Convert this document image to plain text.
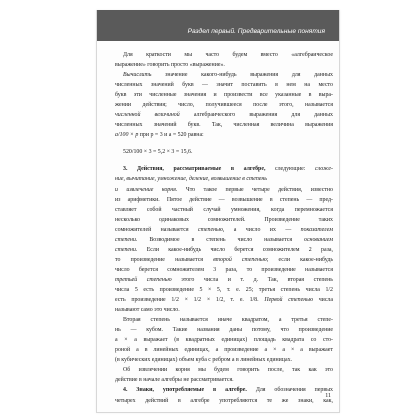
Раздел первый. Предварительные понятия
Для краткости мы часто будем вместо «алгебраическое
выражение» говорить просто «выражение».
Вычислить значение какого-нибудь выражения для данных
численных значений букв — значит поставить в нем на место
букв эти численные значения и произвести все указанные в выра-
жении действия; число, получившееся после этого, называется
численной величиной алгебраического выражения для данных
численных значений букв. Так, численная величина выражения
a/100 × p при p = 3 и a = 520 равна:
520/100 × 3 = 5,2 × 3 = 15,6.
3. Действия, рассматриваемые в алгебре, следующие: сложе-
ние, вычитание, умножение, деление, возвышение в степень
и извлечение корня. Что такое первые четыре действия, известно
из арифметики. Пятое действие — возвышение в степень — пред-
ставляет собой частный случай умножения, когда перемножается
несколько одинаковых сомножителей. Произведение таких
сомножителей называется степенью, а число их — показателем
степени. Возводимое в степень число называется основанием
степени. Если какое-нибудь число берется сомножителем 2 раза,
то произведение называется второй степенью; если какое-нибудь
число берется сомножителем 3 раза, то произведение называется
третьей степенью этого числа и т. д. Так, вторая степень
числа 5 есть произведение 5 × 5, т. е. 25; третья степень числа 1/2
есть произведение 1/2 × 1/2 × 1/2, т. е. 1/8. Первой степенью числа
называют само это число.
Вторая степень называется иначе квадратом, а третья степе-
нь — кубом. Такие названия даны потому, что произведение
a × a выражает (в квадратных единицах) площадь квадрата со сто-
роной a в линейных единицах, а произведение a × a × a выражает
(в кубических единицах) объем куба с ребром a в линейных единицах.
Об извлечении корня мы будем говорить после, так как это
действие в начале алгебры не рассматривается.
4. Знаки, употребляемые в алгебре. Для обозначения первых
четырех действий в алгебре употребляются те же знаки, как,
11
